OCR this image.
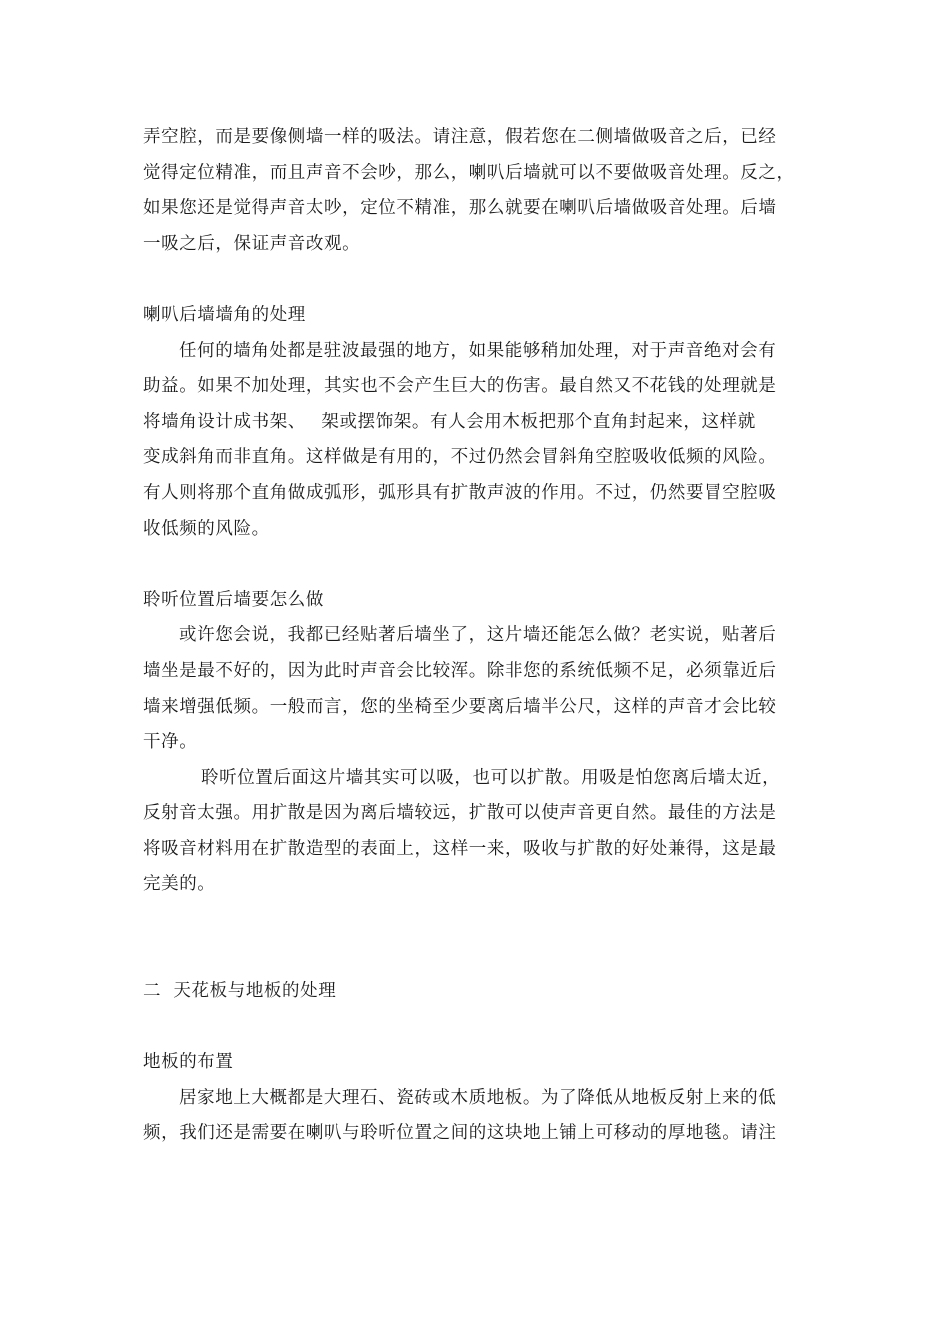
弄空腔，而是要像侧墙一样的吸法。请注意，假若您在二侧墙做吸音之后，已经
觉得定位精准，而且声音不会吵，那么，喇叭后墙就可以不要做吸音处理。反之，
如果您还是觉得声音太吵，定位不精准，那么就要在喇叭后墙做吸音处理。后墙
一吸之后，保证声音改观。
喇叭后墙墙角的处理
任何的墙角处都是驻波最强的地方，如果能够稍加处理，对于声音绝对会有
助益。如果不加处理，其实也不会产生巨大的伤害。最自然又不花钱的处理就是
将墙角设计成书架、　 架或摆饰架。有人会用木板把那个直角封起来，这样就
变成斜角而非直角。这样做是有用的，不过仍然会冒斜角空腔吸收低频的风险。
有人则将那个直角做成弧形，弧形具有扩散声波的作用。不过，仍然要冒空腔吸
收低频的风险。
聆听位置后墙要怎么做
或许您会说，我都已经贴著后墙坐了，这片墙还能怎么做？老实说，贴著后
墙坐是最不好的，因为此时声音会比较浑。除非您的系统低频不足，必须靠近后
墙来增强低频。一般而言，您的坐椅至少要离后墙半公尺，这样的声音才会比较
干净。
聆听位置后面这片墙其实可以吸，也可以扩散。用吸是怕您离后墙太近，
反射音太强。用扩散是因为离后墙较远，扩散可以使声音更自然。最佳的方法是
将吸音材料用在扩散造型的表面上，这样一来，吸收与扩散的好处兼得，这是最
完美的。
二  天花板与地板的处理
地板的布置
居家地上大概都是大理石、瓷砖或木质地板。为了降低从地板反射上来的低
频，我们还是需要在喇叭与聆听位置之间的这块地上铺上可移动的厚地毯。请注
